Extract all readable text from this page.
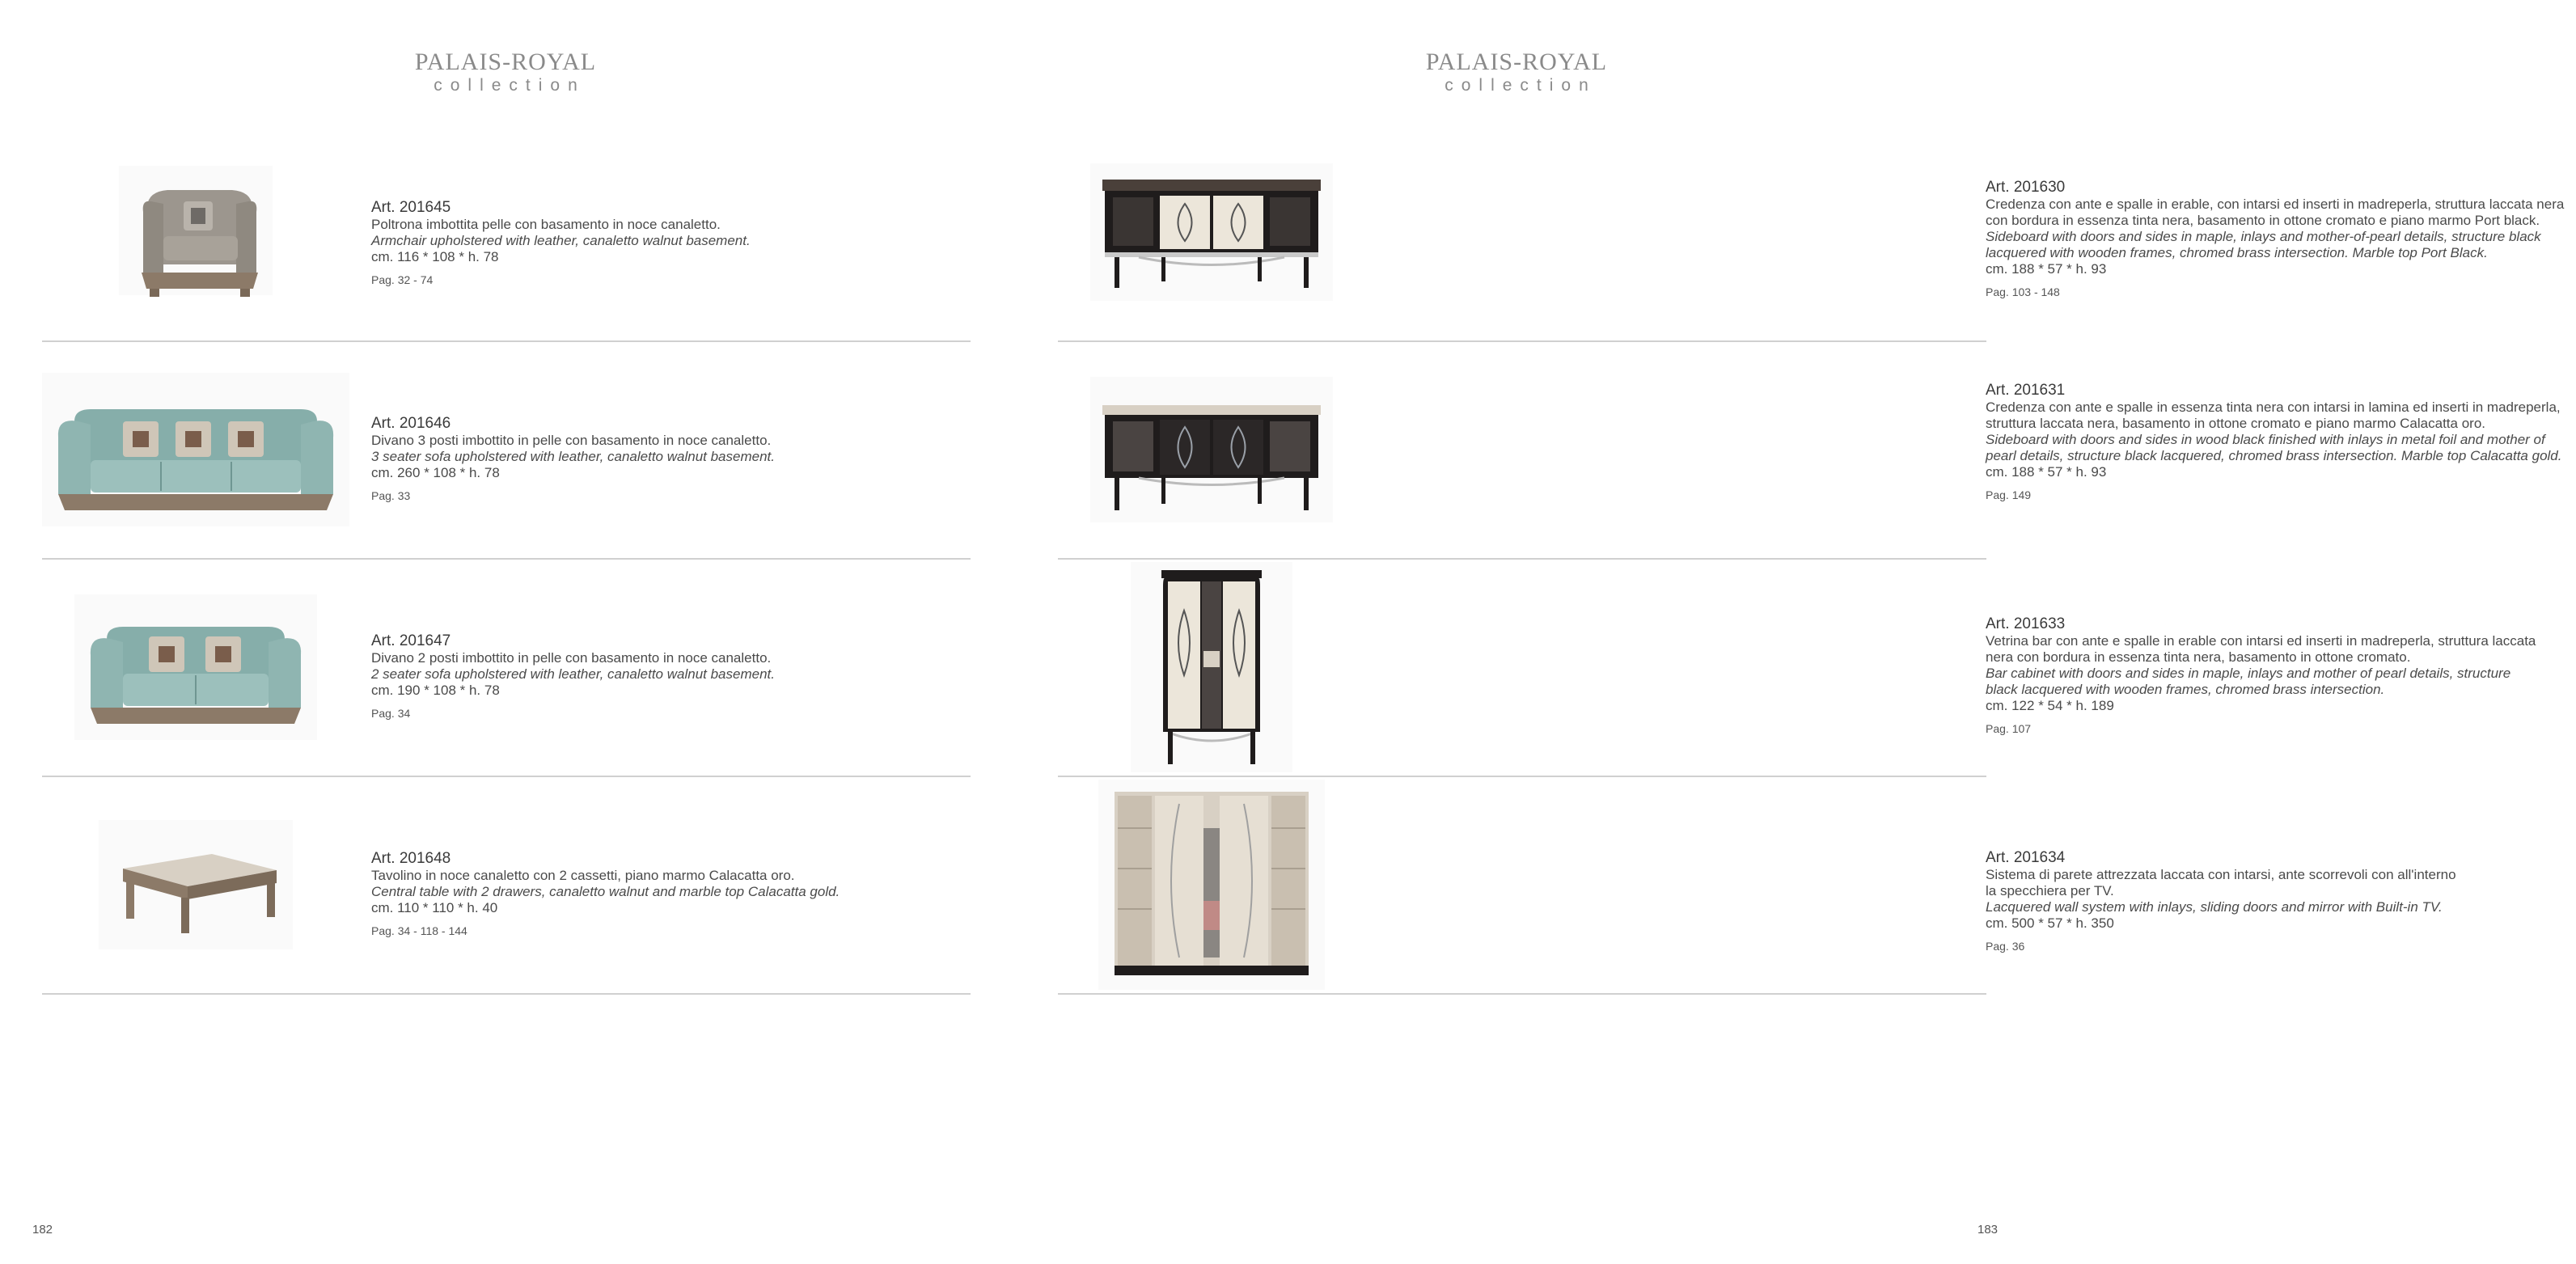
PALAIS-ROYAL
collection
Art. 201645
Poltrona imbottita pelle con basamento in noce canaletto.
Armchair upholstered with leather, canaletto walnut basement.
cm. 116 * 108 * h. 78
Pag. 32 - 74
Art. 201646
Divano 3 posti imbottito in pelle con basamento in noce canaletto.
3 seater sofa upholstered with leather, canaletto walnut basement.
cm. 260 * 108 * h. 78
Pag. 33
Art. 201647
Divano 2 posti imbottito in pelle con basamento in noce canaletto.
2 seater sofa upholstered with leather, canaletto walnut basement.
cm. 190 * 108 * h. 78
Pag. 34
Art. 201648
Tavolino in noce canaletto con 2 cassetti, piano marmo Calacatta oro.
Central table with 2 drawers, canaletto walnut and marble top Calacatta gold.
cm. 110 * 110 * h. 40
Pag. 34 - 118 - 144
182
PALAIS-ROYAL
collection
Art. 201630
Credenza con ante e spalle in erable, con intarsi ed inserti in madreperla, struttura laccata nera
con bordura in essenza tinta nera, basamento in ottone cromato e piano marmo Port black.
Sideboard with doors and sides in maple, inlays and mother-of-pearl details, structure black
lacquered with wooden frames, chromed brass intersection. Marble top Port Black.
cm. 188 * 57 * h. 93
Pag. 103 - 148
Art. 201631
Credenza con ante e spalle in essenza tinta nera con intarsi in lamina ed inserti in madreperla,
struttura laccata nera, basamento in ottone cromato e piano marmo Calacatta oro.
Sideboard with doors and sides in wood black finished with inlays in metal foil and mother of
pearl details, structure black lacquered, chromed brass intersection. Marble top Calacatta gold.
cm. 188 * 57 * h. 93
Pag. 149
Art. 201633
Vetrina bar con ante e spalle in erable con intarsi ed inserti in madreperla, struttura laccata
nera con bordura in essenza tinta nera, basamento in ottone cromato.
Bar cabinet with doors and sides in maple, inlays and mother of pearl details, structure
black lacquered with wooden frames, chromed brass intersection.
cm. 122 * 54 * h. 189
Pag. 107
Art. 201634
Sistema di parete attrezzata laccata con intarsi, ante scorrevoli con all'interno
la specchiera per TV.
Lacquered wall system with inlays, sliding doors and mirror with Built-in TV.
cm. 500 * 57 * h. 350
Pag. 36
183
